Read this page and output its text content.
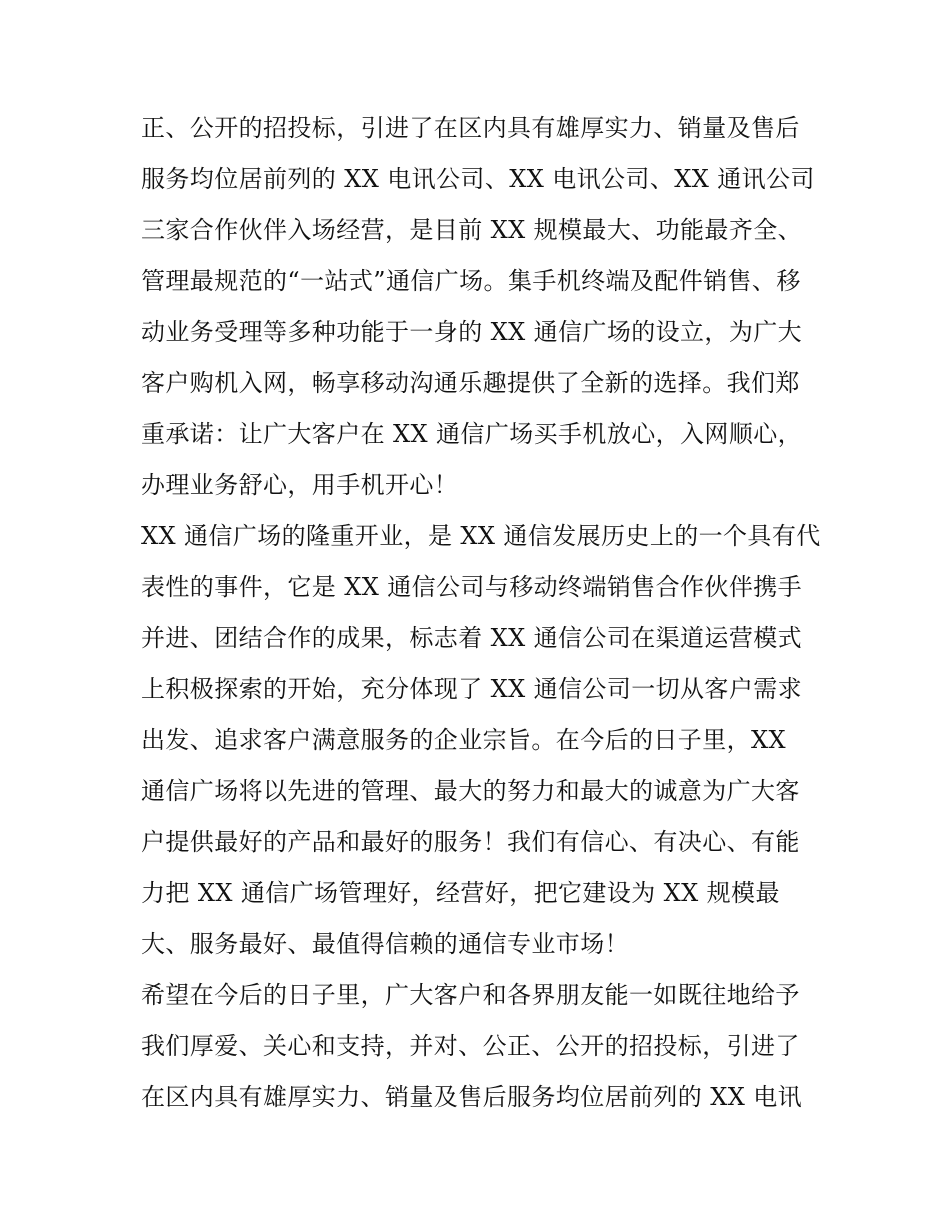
正、公开的招投标，引进了在区内具有雄厚实力、销量及售后
服务均位居前列的 XX 电讯公司、XX 电讯公司、XX 通讯公司
三家合作伙伴入场经营，是目前 XX 规模最大、功能最齐全、
管理最规范的“一站式”通信广场。集手机终端及配件销售、移
动业务受理等多种功能于一身的 XX 通信广场的设立，为广大
客户购机入网，畅享移动沟通乐趣提供了全新的选择。我们郑
重承诺：让广大客户在 XX 通信广场买手机放心，入网顺心，
办理业务舒心，用手机开心！
XX 通信广场的隆重开业，是 XX 通信发展历史上的一个具有代
表性的事件，它是 XX 通信公司与移动终端销售合作伙伴携手
并进、团结合作的成果，标志着 XX 通信公司在渠道运营模式
上积极探索的开始，充分体现了 XX 通信公司一切从客户需求
出发、追求客户满意服务的企业宗旨。在今后的日子里，XX
通信广场将以先进的管理、最大的努力和最大的诚意为广大客
户提供最好的产品和最好的服务！我们有信心、有决心、有能
力把 XX 通信广场管理好，经营好，把它建设为 XX 规模最
大、服务最好、最值得信赖的通信专业市场！
希望在今后的日子里，广大客户和各界朋友能一如既往地给予
我们厚爱、关心和支持，并对、公正、公开的招投标，引进了
在区内具有雄厚实力、销量及售后服务均位居前列的 XX 电讯
